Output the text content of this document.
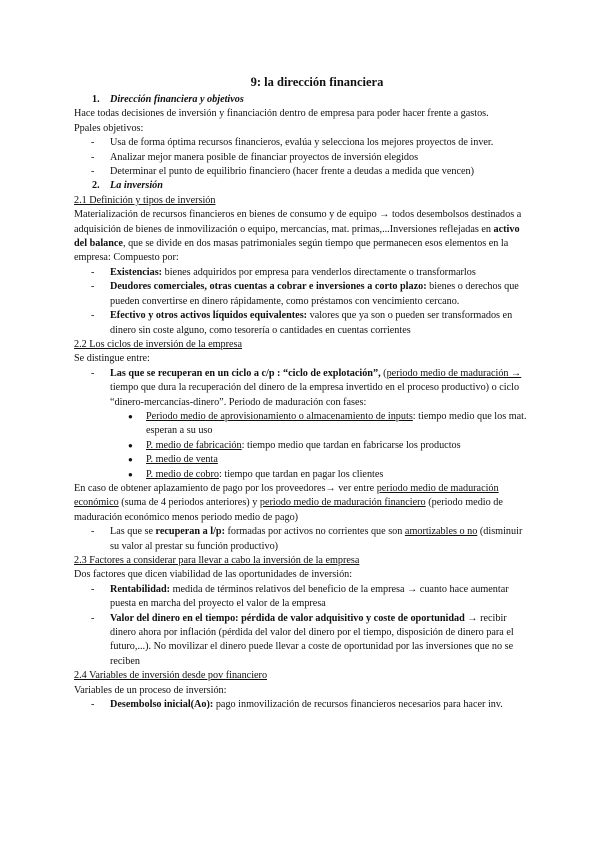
9: la dirección financiera
1. Dirección financiera y objetivos

Hace todas decisiones de inversión y financiación dentro de empresa para poder hacer frente a gastos.

Ppales objetivos:

- Usa de forma óptima recursos financieros, evalúa y selecciona los mejores proyectos de inver.
- Analizar mejor manera posible de financiar proyectos de inversión elegidos
- Determinar el punto de equilibrio financiero (hacer frente a deudas a medida que vencen)
2. La inversión
2.1 Definición y tipos de inversión

Materialización de recursos financieros en bienes de consumo y de equipo → todos desembolsos destinados a adquisición de bienes de inmovilización o equipo, mercancías, mat. primas,...Inversiones reflejadas en activo del balance, que se divide en dos masas patrimoniales según tiempo que permanecen esos elementos en la empresa: Compuesto por:

- Existencias: bienes adquiridos por empresa para venderlos directamente o transformarlos
- Deudores comerciales, otras cuentas a cobrar e inversiones a corto plazo: bienes o derechos que pueden convertirse en dinero rápidamente, como préstamos con vencimiento cercano.
- Efectivo y otros activos líquidos equivalentes: valores que ya son o pueden ser transformados en dinero sin coste alguno, como tesorería o cantidades en cuentas corrientes
2.2 Los ciclos de inversión de la empresa

Se distingue entre:

- Las que se recuperan en un ciclo a c/p : “ciclo de explotación”, (periodo medio de maduración → tiempo que dura la recuperación del dinero de la empresa invertido en el proceso productivo) o ciclo “dinero-mercancías-dinero”. Periodo de maduración con fases:
● Periodo medio de aprovisionamiento o almacenamiento de inputs: tiempo medio que los mat. esperan a su uso
● P. medio de fabricación: tiempo medio que tardan en fabricarse los productos
● P. medio de venta
● P. medio de cobro: tiempo que tardan en pagar los clientes

En caso de obtener aplazamiento de pago por los proveedores→ ver entre periodo medio de maduración económico (suma de 4 periodos anteriores) y periodo medio de maduración financiero (periodo medio de maduración económico menos periodo medio de pago)

- Las que se recuperan a l/p: formadas por activos no corrientes que son amortizables o no (disminuir su valor al prestar su función productivo)
2.3 Factores a considerar para llevar a cabo la inversión de la empresa

Dos factores que dicen viabilidad de las oportunidades de inversión:

- Rentabilidad: medida de términos relativos del beneficio de la empresa → cuanto hace aumentar puesta en marcha del proyecto el valor de la empresa
- Valor del dinero en el tiempo: pérdida de valor adquisitivo y coste de oportunidad → recibir dinero ahora por inflación (pérdida del valor del dinero por el tiempo, disposición de dinero para el futuro,...). No movilizar el dinero puede llevar a coste de oportunidad por las inversiones que no se reciben
2.4 Variables de inversión desde pov financiero

Variables de un proceso de inversión:

- Desembolso inicial(Ao): pago inmovilización de recursos financieros necesarios para hacer inv.
